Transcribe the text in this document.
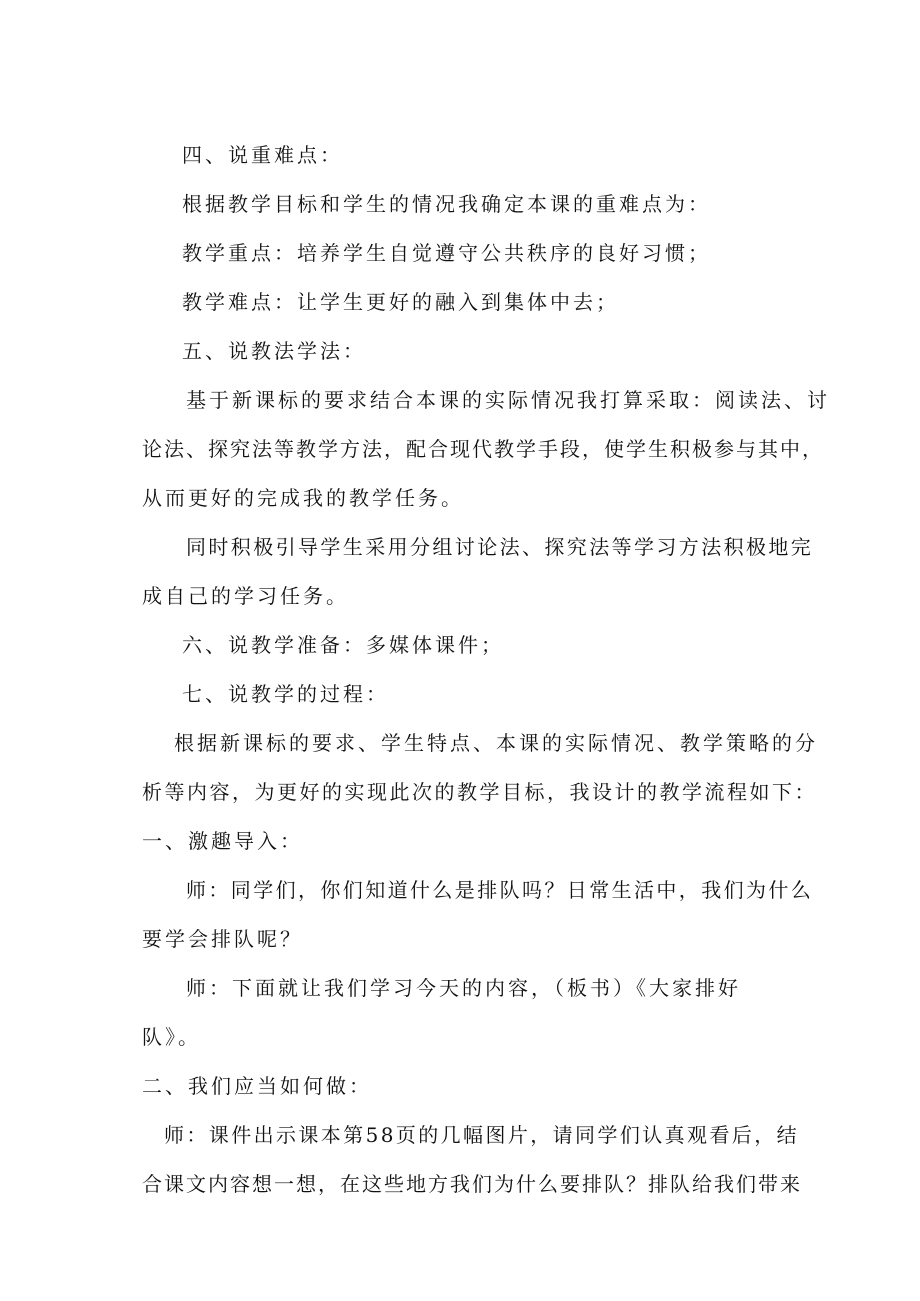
四、说重难点：

根据教学目标和学生的情况我确定本课的重难点为：

教学重点：培养学生自觉遵守公共秩序的良好习惯；

教学难点：让学生更好的融入到集体中去；

五、说教法学法：

基于新课标的要求结合本课的实际情况我打算采取：阅读法、讨

论法、探究法等教学方法，配合现代教学手段，使学生积极参与其中，

从而更好的完成我的教学任务。

同时积极引导学生采用分组讨论法、探究法等学习方法积极地完

成自己的学习任务。

六、说教学准备：多媒体课件；

七、说教学的过程：

根据新课标的要求、学生特点、本课的实际情况、教学策略的分

析等内容，为更好的实现此次的教学目标，我设计的教学流程如下：

一、激趣导入：

师：同学们，你们知道什么是排队吗？日常生活中，我们为什么

要学会排队呢？

师：下面就让我们学习今天的内容，（板书）《大家排好

队》。

二、我们应当如何做：

师：课件出示课本第58页的几幅图片，请同学们认真观看后，结

合课文内容想一想，在这些地方我们为什么要排队？排队给我们带来
